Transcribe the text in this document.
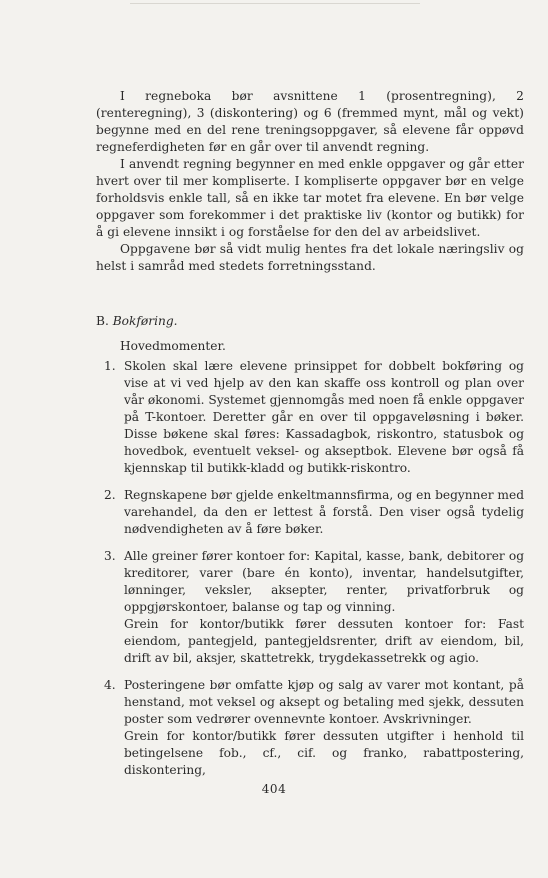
I regneboka bør avsnittene 1 (prosentregning), 2 (renteregning), 3 (diskontering) og 6 (fremmed mynt, mål og vekt) begynne med en del rene treningsoppgaver, så elevene får oppøvd regneferdigheten før en går over til anvendt regning.

I anvendt regning begynner en med enkle oppgaver og går etter hvert over til mer kompliserte. I kompliserte oppgaver bør en velge forholdsvis enkle tall, så en ikke tar motet fra elevene. En bør velge oppgaver som forekommer i det praktiske liv (kontor og butikk) for å gi elevene innsikt i og forståelse for den del av arbeidslivet.

Oppgavene bør så vidt mulig hentes fra det lokale næringsliv og helst i samråd med stedets forretningsstand.

B. Bokføring.
Hovedmomenter.
1. Skolen skal lære elevene prinsippet for dobbelt bokføring og vise at vi ved hjelp av den kan skaffe oss kontroll og plan over vår økonomi. Systemet gjennomgås med noen få enkle oppgaver på T-kontoer. Deretter går en over til oppgaveløsning i bøker. Disse bøkene skal føres: Kassadagbok, riskontro, statusbok og hovedbok, eventuelt veksel- og akseptbok. Elevene bør også få kjennskap til butikk-kladd og butikk-riskontro.

2. Regnskapene bør gjelde enkeltmannsfirma, og en begynner med varehandel, da den er lettest å forstå. Den viser også tydelig nødvendigheten av å føre bøker.

3. Alle greiner fører kontoer for: Kapital, kasse, bank, debitorer og kreditorer, varer (bare én konto), inventar, handelsutgifter, lønninger, veksler, aksepter, renter, privatforbruk og oppgjørskontoer, balanse og tap og vinning.

Grein for kontor/butikk fører dessuten kontoer for: Fast eiendom, pantegjeld, pantegjeldsrenter, drift av eiendom, bil, drift av bil, aksjer, skattetrekk, trygdekassetrekk og agio.

4. Posteringene bør omfatte kjøp og salg av varer mot kontant, på henstand, mot veksel og aksept og betaling med sjekk, dessuten poster som vedrører ovennevnte kontoer. Avskrivninger.

Grein for kontor/butikk fører dessuten utgifter i henhold til betingelsene fob., cf., cif. og franko, rabattpostering, diskontering,

404
